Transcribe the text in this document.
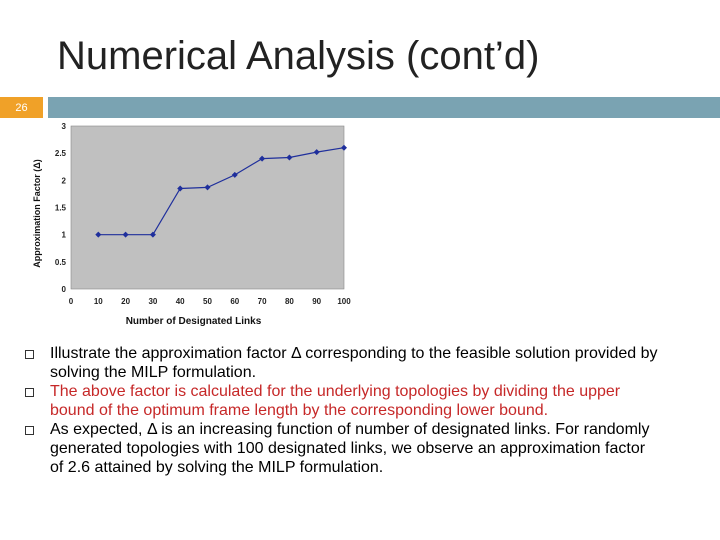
Numerical Analysis (cont’d)
26
0
0.5
1
1.5
2
2.5
3
0	10 20 30 40 50 60 70 80 90 100
Number of Designated Links
Approximation Factor (Δ)
Illustrate the approximation factor Δ corresponding to the feasible solution provided by solving the MILP formulation.
The above factor is calculated for the underlying topologies by dividing the upper bound of the optimum frame length by the corresponding lower bound.
As expected, Δ is an increasing function of number of designated links. For randomly generated topologies with 100 designated links, we observe an approximation factor of 2.6 attained by solving the MILP formulation.
